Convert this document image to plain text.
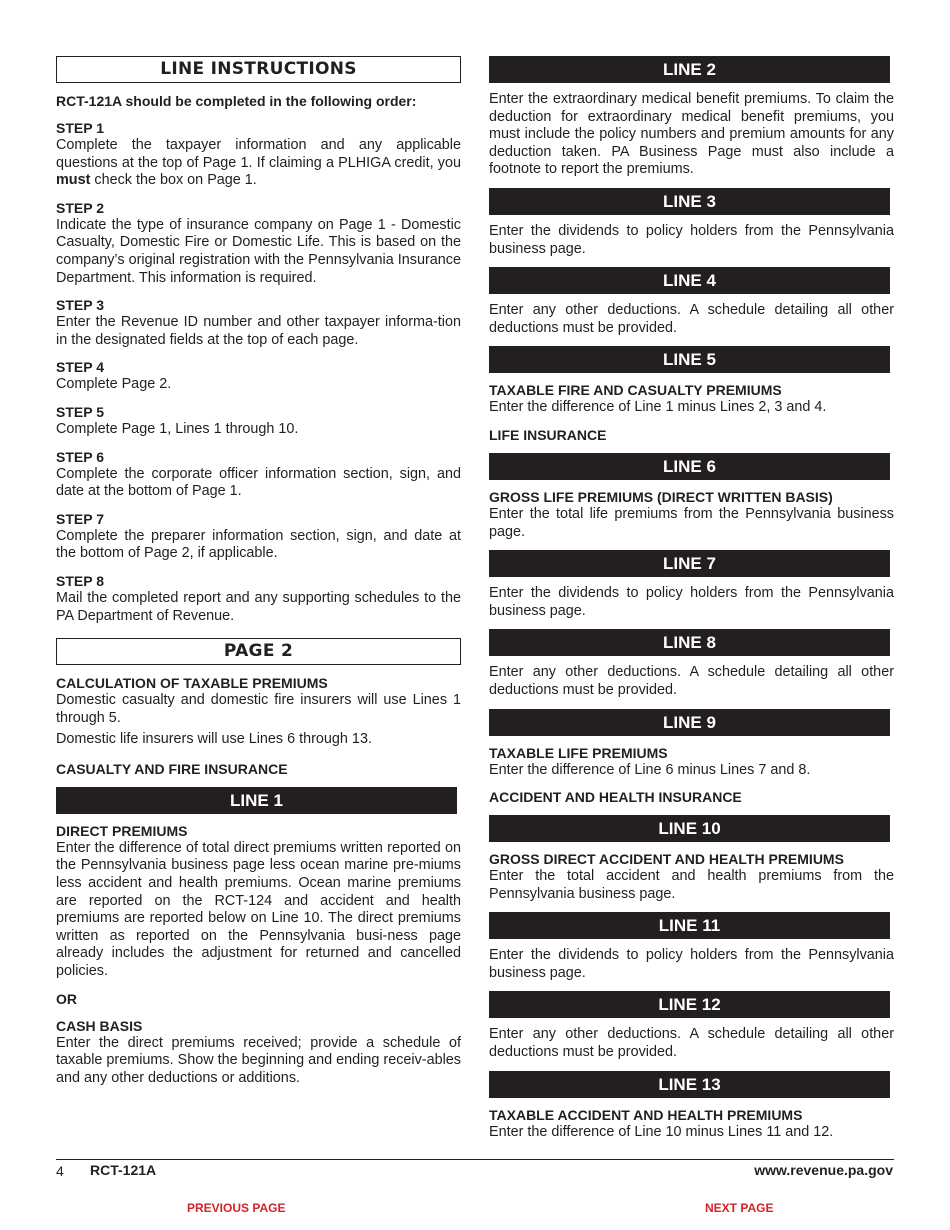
LINE INSTRUCTIONS
RCT-121A should be completed in the following order:
STEP 1

Complete the taxpayer information and any applicable questions at the top of Page 1. If claiming a PLHIGA credit, you must check the box on Page 1.

STEP 2

Indicate the type of insurance company on Page 1 - Domestic Casualty, Domestic Fire or Domestic Life. This is based on the company’s original registration with the Pennsylvania Insurance Department. This information is required.

STEP 3

Enter the Revenue ID number and other taxpayer informa-tion in the designated fields at the top of each page.

STEP 4

Complete Page 2.

STEP 5

Complete Page 1, Lines 1 through 10.

STEP 6

Complete the corporate officer information section, sign, and date at the bottom of Page 1.

STEP 7

Complete the preparer information section, sign, and date at the bottom of Page 2, if applicable.

STEP 8

Mail the completed report and any supporting schedules to the PA Department of Revenue.

PAGE 2
CALCULATION OF TAXABLE PREMIUMS

Domestic casualty and domestic fire insurers will use Lines 1 through 5.

Domestic life insurers will use Lines 6 through 13.

CASUALTY AND FIRE INSURANCE
LINE 1
DIRECT PREMIUMS

Enter the difference of total direct premiums written reported on the Pennsylvania business page less ocean marine pre-miums less accident and health premiums. Ocean marine premiums are reported on the RCT-124 and accident and health premiums are reported below on Line 10. The direct premiums written as reported on the Pennsylvania busi-ness page already includes the adjustment for returned and cancelled policies.

OR
CASH BASIS

Enter the direct premiums received; provide a schedule of taxable premiums. Show the beginning and ending receiv-ables and any other deductions or additions.

LINE 2

Enter the extraordinary medical benefit premiums. To claim the deduction for extraordinary medical benefit premiums, you must include the policy numbers and premium amounts for any deduction taken. PA Business Page must also include a footnote to report the premiums.

LINE 3

Enter the dividends to policy holders from the Pennsylvania business page.

LINE 4

Enter any other deductions. A schedule detailing all other deductions must be provided.

LINE 5
TAXABLE FIRE AND CASUALTY PREMIUMS

Enter the difference of Line 1 minus Lines 2, 3 and 4.

LIFE INSURANCE
LINE 6
GROSS LIFE PREMIUMS (DIRECT WRITTEN BASIS)

Enter the total life premiums from the Pennsylvania business page.

LINE 7

Enter the dividends to policy holders from the Pennsylvania business page.

LINE 8

Enter any other deductions. A schedule detailing all other deductions must be provided.

LINE 9
TAXABLE LIFE PREMIUMS

Enter the difference of Line 6 minus Lines 7 and 8.

ACCIDENT AND HEALTH INSURANCE
LINE 10
GROSS DIRECT ACCIDENT AND HEALTH PREMIUMS

Enter the total accident and health premiums from the Pennsylvania business page.

LINE 11

Enter the dividends to policy holders from the Pennsylvania business page.

LINE 12

Enter any other deductions. A schedule detailing all other deductions must be provided.

LINE 13
TAXABLE ACCIDENT AND HEALTH PREMIUMS

Enter the difference of Line 10 minus Lines 11 and 12.

4 RCT-121A	www.revenue.pa.gov
PREVIOUS PAGE	NEXT PAGE
